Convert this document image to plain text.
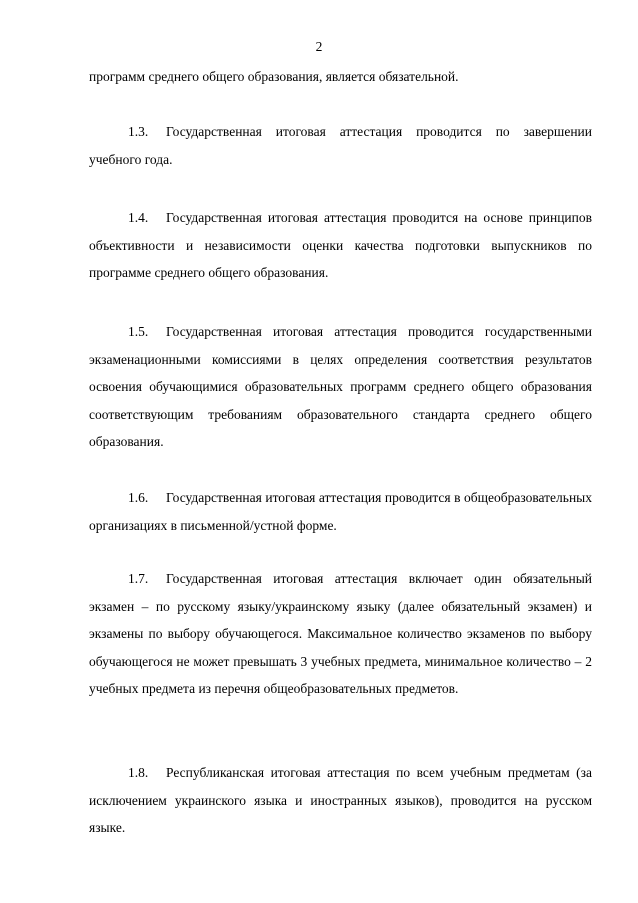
2

программ среднего общего образования, является обязательной.

1.3. Государственная итоговая аттестация проводится по завершении учебного года.

1.4. Государственная итоговая аттестация проводится на основе принципов объективности и независимости оценки качества подготовки выпускников по программе среднего общего образования.

1.5. Государственная итоговая аттестация проводится государственными экзаменационными комиссиями в целях определения соответствия результатов освоения обучающимися образовательных программ среднего общего образования соответствующим требованиям образовательного стандарта среднего общего образования.

1.6. Государственная итоговая аттестация проводится в общеобразовательных организациях в письменной/устной форме.

1.7. Государственная итоговая аттестация включает один обязательный экзамен – по русскому языку/украинскому языку (далее обязательный экзамен) и экзамены по выбору обучающегося. Максимальное количество экзаменов по выбору обучающегося не может превышать 3 учебных предмета, минимальное количество – 2 учебных предмета из перечня общеобразовательных предметов.

1.8. Республиканская итоговая аттестация по всем учебным предметам (за исключением украинского языка и иностранных языков), проводится на русском языке.
